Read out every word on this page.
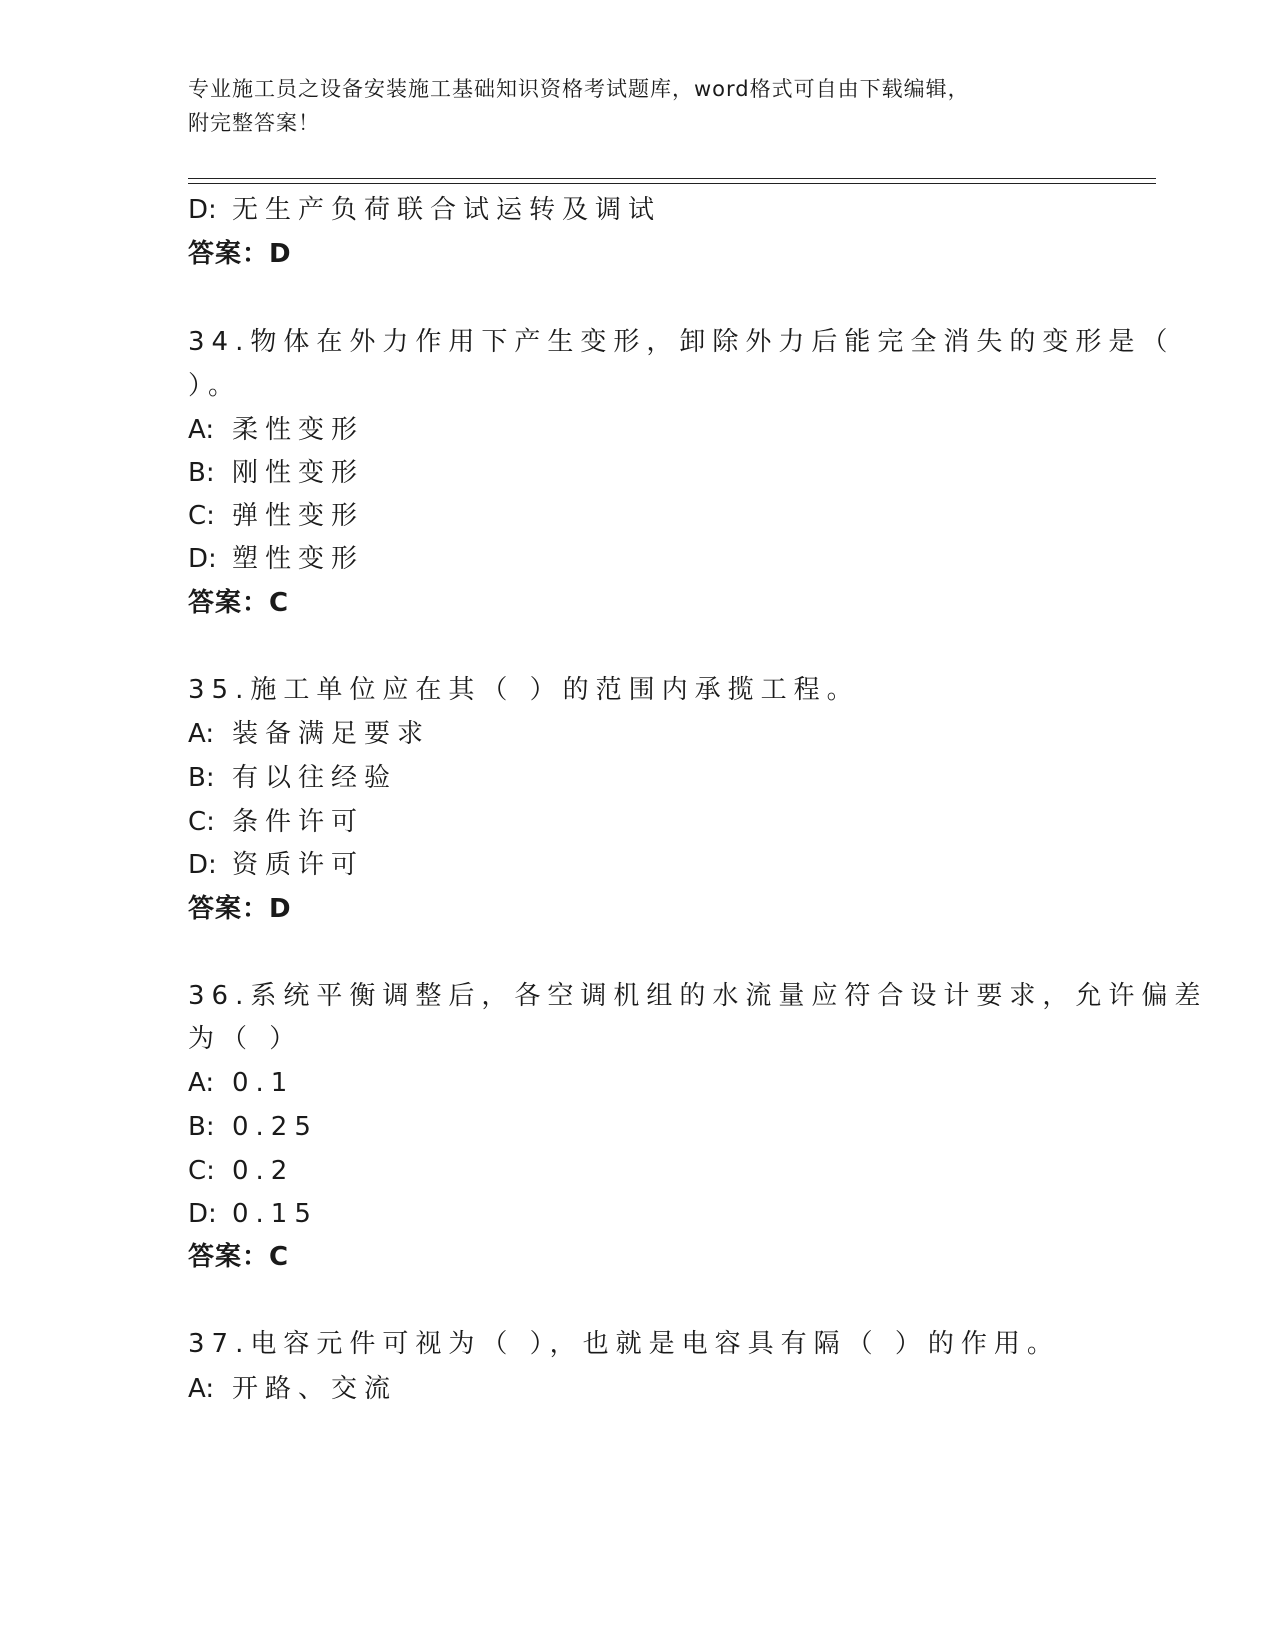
专业施工员之设备安装施工基础知识资格考试题库，word格式可自由下载编辑，
附完整答案！
D: 无生产负荷联合试运转及调试
答案：D
34.物体在外力作用下产生变形，卸除外力后能完全消失的变形是（
）。
A: 柔性变形
B: 刚性变形
C: 弹性变形
D: 塑性变形
答案：C
35.施工单位应在其（ ）的范围内承揽工程。
A: 装备满足要求
B: 有以往经验
C: 条件许可
D: 资质许可
答案：D
36.系统平衡调整后，各空调机组的水流量应符合设计要求，允许偏差
为（ ）
A: 0.1
B: 0.25
C: 0.2
D: 0.15
答案：C
37.电容元件可视为（ ），也就是电容具有隔（ ）的作用。
A: 开路、交流
